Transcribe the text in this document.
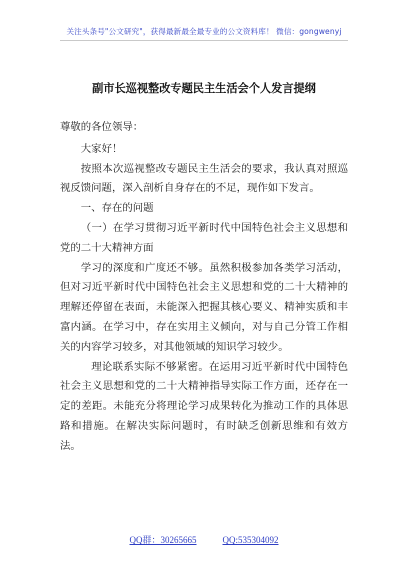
关注头条号"公文研究"，获得最新最全最专业的公文资料库！ 微信：gongwenyj
副市长巡视整改专题民主生活会个人发言提纲

尊敬的各位领导：

大家好！

按照本次巡视整改专题民主生活会的要求，我认真对照巡视反馈问题，深入剖析自身存在的不足，现作如下发言。

一、存在的问题

（一）在学习贯彻习近平新时代中国特色社会主义思想和党的二十大精神方面

学习的深度和广度还不够。虽然积极参加各类学习活动，但对习近平新时代中国特色社会主义思想和党的二十大精神的理解还停留在表面，未能深入把握其核心要义、精神实质和丰富内涵。在学习中，存在实用主义倾向，对与自己分管工作相关的内容学习较多，对其他领域的知识学习较少。

理论联系实际不够紧密。在运用习近平新时代中国特色社会主义思想和党的二十大精神指导实际工作方面，还存在一定的差距。未能充分将理论学习成果转化为推动工作的具体思路和措施。在解决实际问题时，有时缺乏创新思维和有效方法。

QQ群：30265665	QQ:535304092
